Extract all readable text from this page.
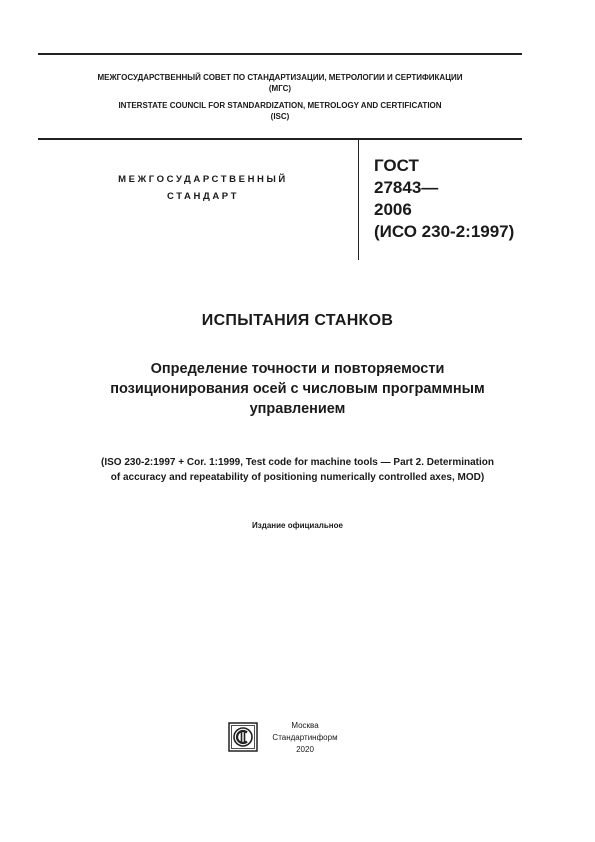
МЕЖГОСУДАРСТВЕННЫЙ СОВЕТ ПО СТАНДАРТИЗАЦИИ, МЕТРОЛОГИИ И СЕРТИФИКАЦИИ
(МГС)
INTERSTATE COUNCIL FOR STANDARDIZATION, METROLOGY AND CERTIFICATION
(ISC)
МЕЖГОСУДАРСТВЕННЫЙ
СТАНДАРТ
ГОСТ
27843—
2006
(ИСО 230-2:1997)
ИСПЫТАНИЯ СТАНКОВ
Определение точности и повторяемости
позиционирования осей с числовым программным
управлением
(ISO 230-2:1997 + Cor. 1:1999, Test code for machine tools — Part 2. Determination
of accuracy and repeatability of positioning numerically controlled axes, MOD)
Издание официальное
Москва
Стандартинформ
2020
